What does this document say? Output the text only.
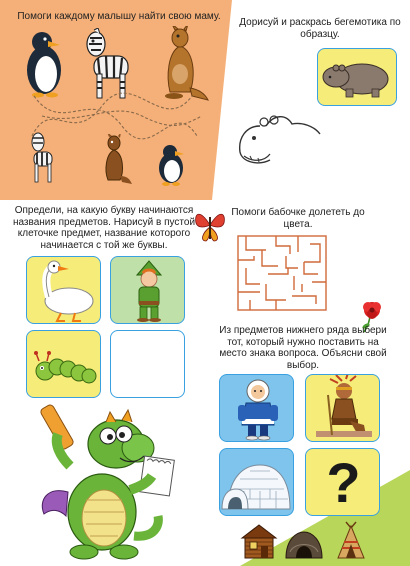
Помоги каждому малышу найти свою маму.
Дорисуй и раскрась бегемотика по образцу.
Определи, на какую букву начинаются названия предметов. Нарисуй в пустой клеточке предмет, название которого начинается с той же буквы.
Помоги бабочке долететь до цвета.
Из предметов нижнего ряда выбери тот, который нужно поставить на место знака вопроса. Объясни свой выбор.
?
